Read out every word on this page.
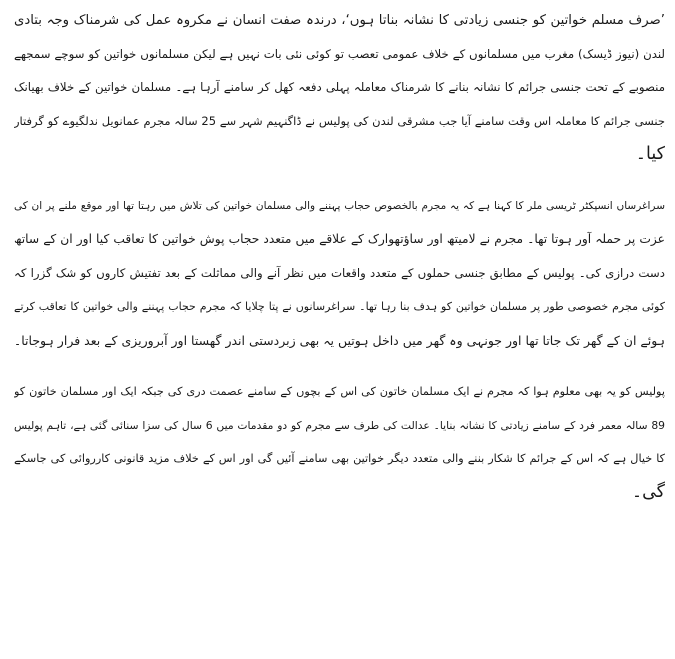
’صرف مسلم خواتین کو جنسی زیادتی کا نشانہ بناتا ہوں‘، درندہ صفت انسان نے مکروہ عمل کی شرمناک وجہ بتادی
لندن (نیوز ڈیسک) مغرب میں مسلمانوں کے خلاف عمومی تعصب تو کوئی نئی بات نہیں ہے لیکن مسلمانوں خواتین کو سوچے سمجھے
منصوبے کے تحت جنسی جرائم کا نشانہ بنانے کا شرمناک معاملہ پہلی دفعہ کھل کر سامنے آرہا ہے۔ مسلمان خواتین کے خلاف بھیانک
جنسی جرائم کا معاملہ اس وقت سامنے آیا جب مشرقی لندن کی پولیس نے ڈاگنہیم شہر سے 25 سالہ مجرم عمانویل ندلگیوے کو گرفتار
کیا۔
سراغرساں انسپکٹر ٹریسی ملر کا کہنا ہے کہ یہ مجرم بالخصوص حجاب پہننے والی مسلمان خواتین کی تلاش میں رہتا تھا اور موقع ملنے پر ان کی
عزت پر حملہ آور ہوتا تھا۔ مجرم نے لامیتھ اور ساؤتھوارک کے علاقے میں متعدد حجاب پوش خواتین کا تعاقب کیا اور ان کے ساتھ
دست درازی کی۔ پولیس کے مطابق جنسی حملوں کے متعدد واقعات میں نظر آنے والی مماثلت کے بعد تفتیش کاروں کو شک گزرا کہ
کوئی مجرم خصوصی طور پر مسلمان خواتین کو ہدف بنا رہا تھا۔ سراغرسانوں نے پتا چلایا کہ مجرم حجاب پہننے والی خواتین کا تعاقب کرتے
ہوئے ان کے گھر تک جاتا تھا اور جونہی وہ گھر میں داخل ہوتیں یہ بھی زبردستی اندر گھستا اور آبروریزی کے بعد فرار ہوجاتا۔
پولیس کو یہ بھی معلوم ہوا کہ مجرم نے ایک مسلمان خاتون کی اس کے بچوں کے سامنے عصمت دری کی جبکہ ایک اور مسلمان خاتون کو
89 سالہ معمر فرد کے سامنے زیادتی کا نشانہ بنایا۔ عدالت کی طرف سے مجرم کو دو مقدمات میں 6 سال کی سزا سنائی گئی ہے، تاہم پولیس
کا خیال ہے کہ اس کے جرائم کا شکار بننے والی متعدد دیگر خواتین بھی سامنے آئیں گی اور اس کے خلاف مزید قانونی کارروائی کی جاسکے
گی۔
